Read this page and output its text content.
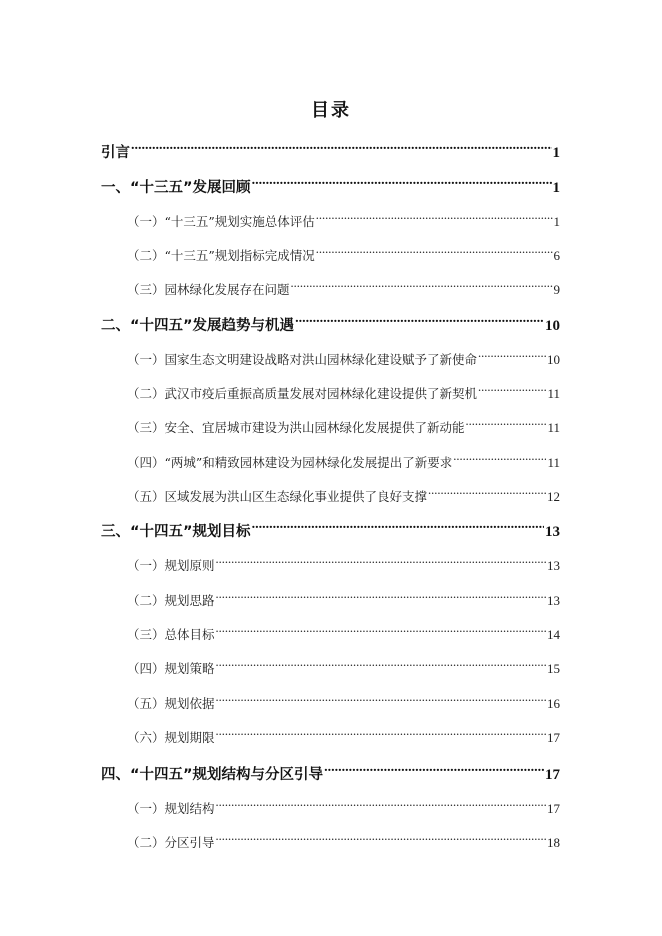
目录
引言 .....	1
一、“十三五”发展回顾 .....	1
（一）“十三五”规划实施总体评估 .....	1
（二）“十三五”规划指标完成情况 .....	6
（三）园林绿化发展存在问题 .....	9
二、“十四五”发展趋势与机遇 .....	10
（一）国家生态文明建设战略对洪山园林绿化建设赋予了新使命 .....	10
（二）武汉市疫后重振高质量发展对园林绿化建设提供了新契机 .....	11
（三）安全、宜居城市建设为洪山园林绿化发展提供了新动能 .....	11
（四）“两城”和精致园林建设为园林绿化发展提出了新要求 .....	11
（五）区域发展为洪山区生态绿化事业提供了良好支撑 .....	12
三、“十四五”规划目标 .....	13
（一）规划原则 .....	13
（二）规划思路 .....	13
（三）总体目标 .....	14
（四）规划策略 .....	15
（五）规划依据 .....	16
（六）规划期限 .....	17
四、“十四五”规划结构与分区引导 .....	17
（一）规划结构 .....	17
（二）分区引导 .....	18
